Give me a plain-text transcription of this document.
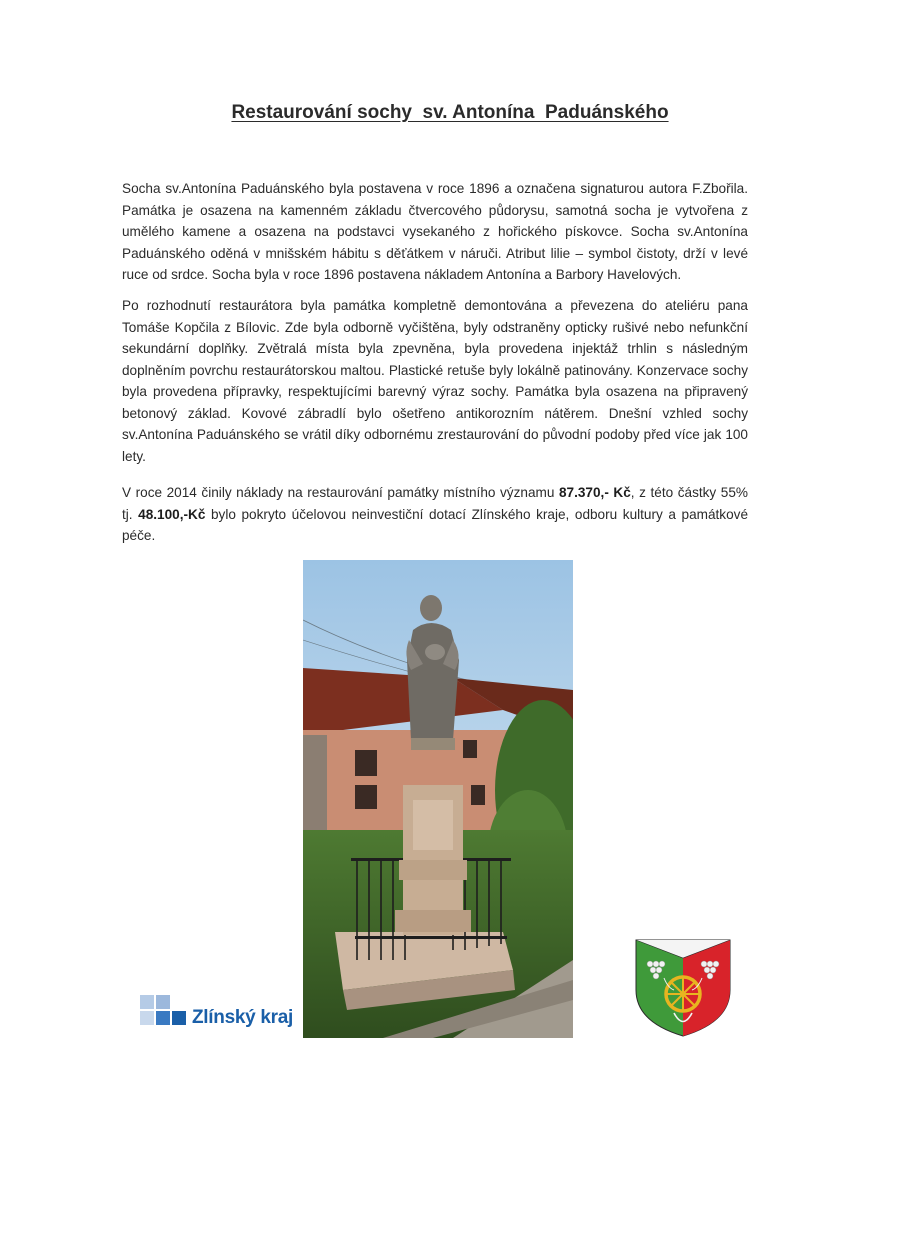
Restaurování sochy  sv. Antonína  Paduánského

Socha sv.Antonína Paduánského byla postavena v roce 1896 a označena signaturou autora F.Zbořila. Památka je osazena na kamenném základu čtvercového půdorysu, samotná socha je vytvořena z umělého kamene a osazena na podstavci vysekaného z hořického pískovce. Socha sv.Antonína Paduánského oděná v mnišském hábitu s děťátkem v náruči. Atribut lilie – symbol čistoty, drží v levé ruce od srdce. Socha byla v roce 1896 postavena nákladem Antonína a Barbory Havelových.

Po rozhodnutí restaurátora byla památka kompletně demontována a převezena do ateliéru pana Tomáše Kopčila z Bílovic. Zde byla odborně vyčištěna, byly odstraněny opticky rušivé nebo nefunkční sekundární doplňky. Zvětralá místa byla zpevněna, byla provedena injektáž trhlin s následným doplněním povrchu restaurátorskou maltou. Plastické retuše byly lokálně patinovány. Konzervace sochy byla provedena přípravky, respektujícími barevný výraz sochy. Památka byla osazena na připravený betonový základ. Kovové zábradlí bylo ošetřeno antikorozním nátěrem. Dnešní vzhled sochy sv.Antonína Paduánského se vrátil díky odbornému zrestaurování do původní podoby před více jak 100 lety.

V roce 2014 činily náklady na restaurování památky místního významu 87.370,- Kč, z této částky 55% tj. 48.100,-Kč bylo pokryto účelovou neinvestiční dotací Zlínského kraje, odboru kultury a památkové péče.

Zlínský kraj
